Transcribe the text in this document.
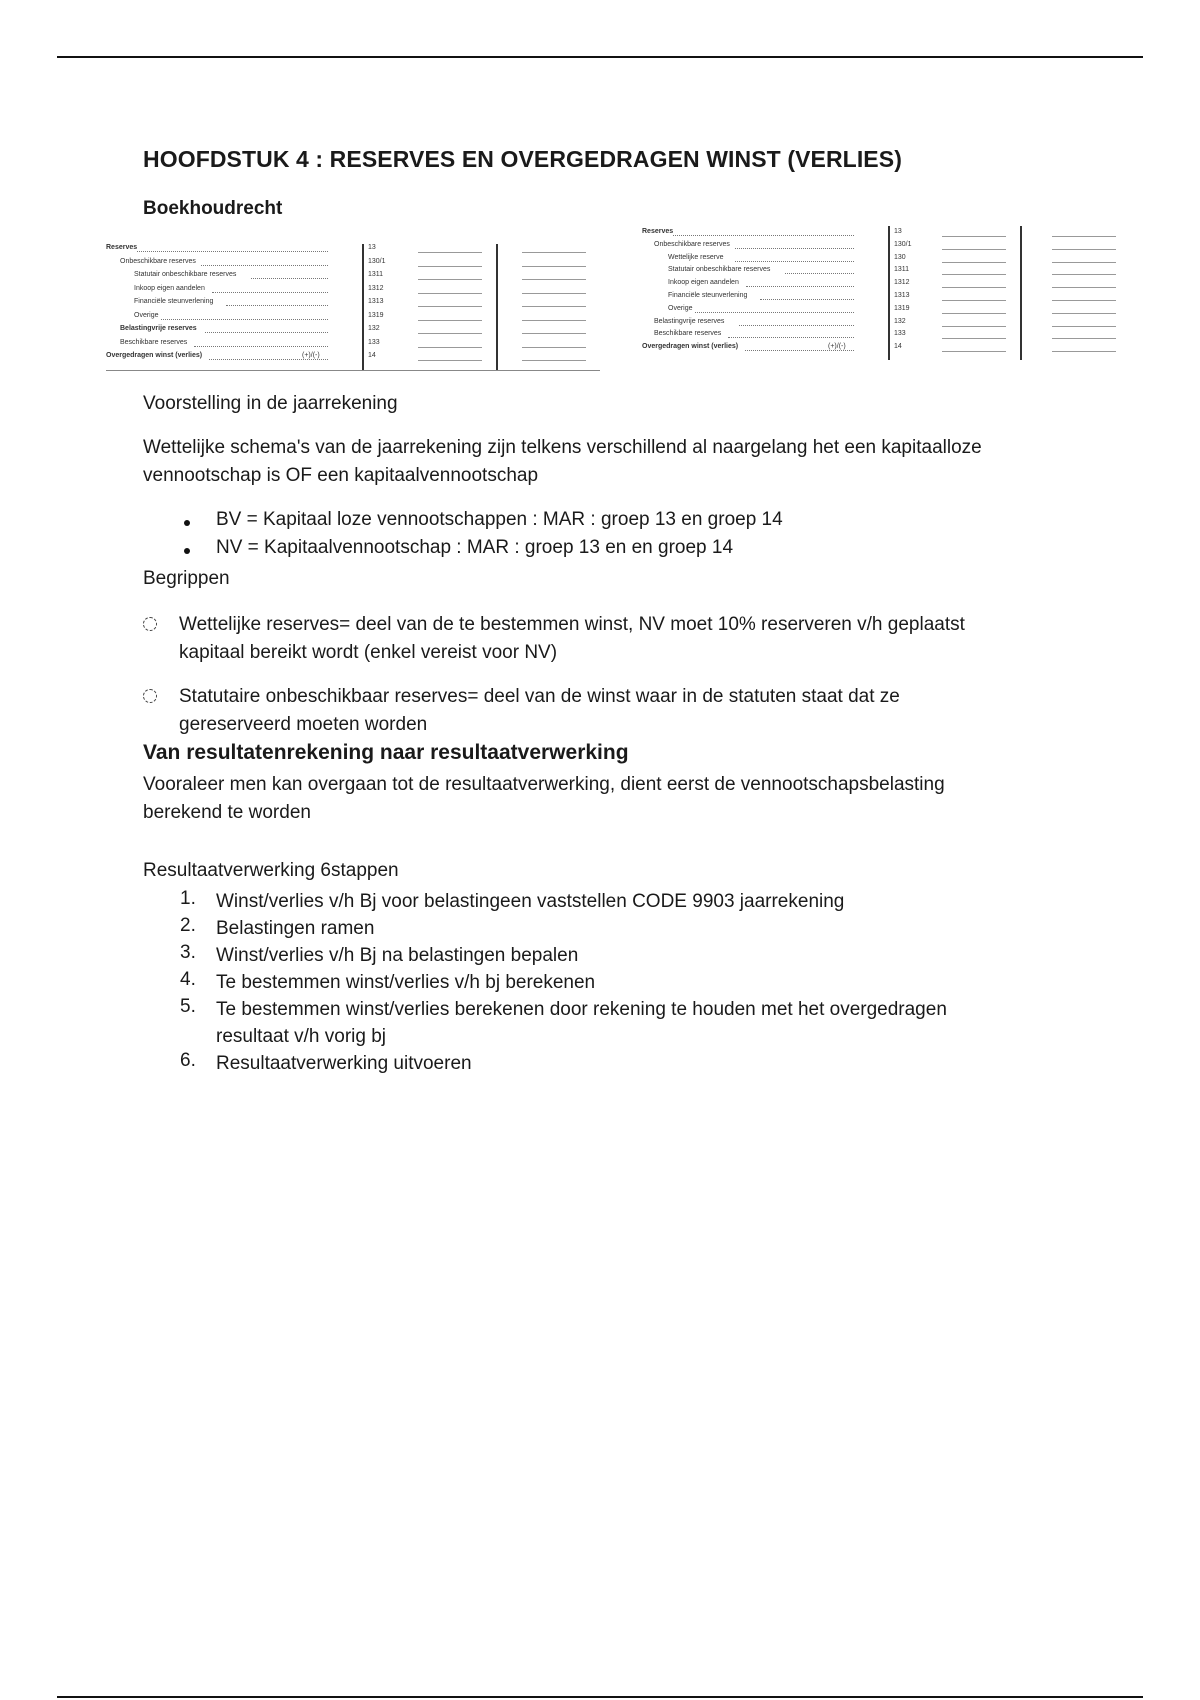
HOOFDSTUK 4 : RESERVES EN OVERGEDRAGEN WINST (VERLIES)
Boekhoudrecht
Reserves	13
Onbeschikbare reserves	130/1
Statutair onbeschikbare reserves	1311
Inkoop eigen aandelen	1312
Financiële steunverlening	1313
Overige	1319
Belastingvrije reserves	132
Beschikbare reserves	133
Overgedragen winst (verlies)	(+)/(-)	14
Reserves	13
Onbeschikbare reserves	130/1
Wettelijke reserve	130
Statutair onbeschikbare reserves	1311
Inkoop eigen aandelen	1312
Financiële steunverlening	1313
Overige	1319
Belastingvrije reserves	132
Beschikbare reserves	133
Overgedragen winst (verlies)	(+)/(-)	14
Voorstelling in de jaarrekening
Wettelijke schema's van de jaarrekening zijn telkens verschillend al naargelang het een kapitaalloze
vennootschap is OF een kapitaalvennootschap
BV = Kapitaal loze vennootschappen : MAR : groep 13 en groep 14
NV = Kapitaalvennootschap : MAR : groep 13 en en groep 14
Begrippen
Wettelijke reserves= deel van de te bestemmen winst, NV moet 10% reserveren v/h geplaatst
kapitaal bereikt wordt (enkel vereist voor NV)
Statutaire onbeschikbaar reserves= deel van de winst waar in de statuten staat dat ze
gereserveerd moeten worden
Van resultatenrekening naar resultaatverwerking
Vooraleer men kan overgaan tot de resultaatverwerking, dient eerst de vennootschapsbelasting
berekend te worden
Resultaatverwerking 6stappen
1. Winst/verlies v/h Bj voor belastingeen vaststellen CODE 9903 jaarrekening
2. Belastingen ramen
3. Winst/verlies v/h Bj na belastingen bepalen
4. Te bestemmen winst/verlies v/h bj berekenen
5. Te bestemmen winst/verlies berekenen door rekening te houden met het overgedragen
resultaat v/h vorig bj
6. Resultaatverwerking uitvoeren
